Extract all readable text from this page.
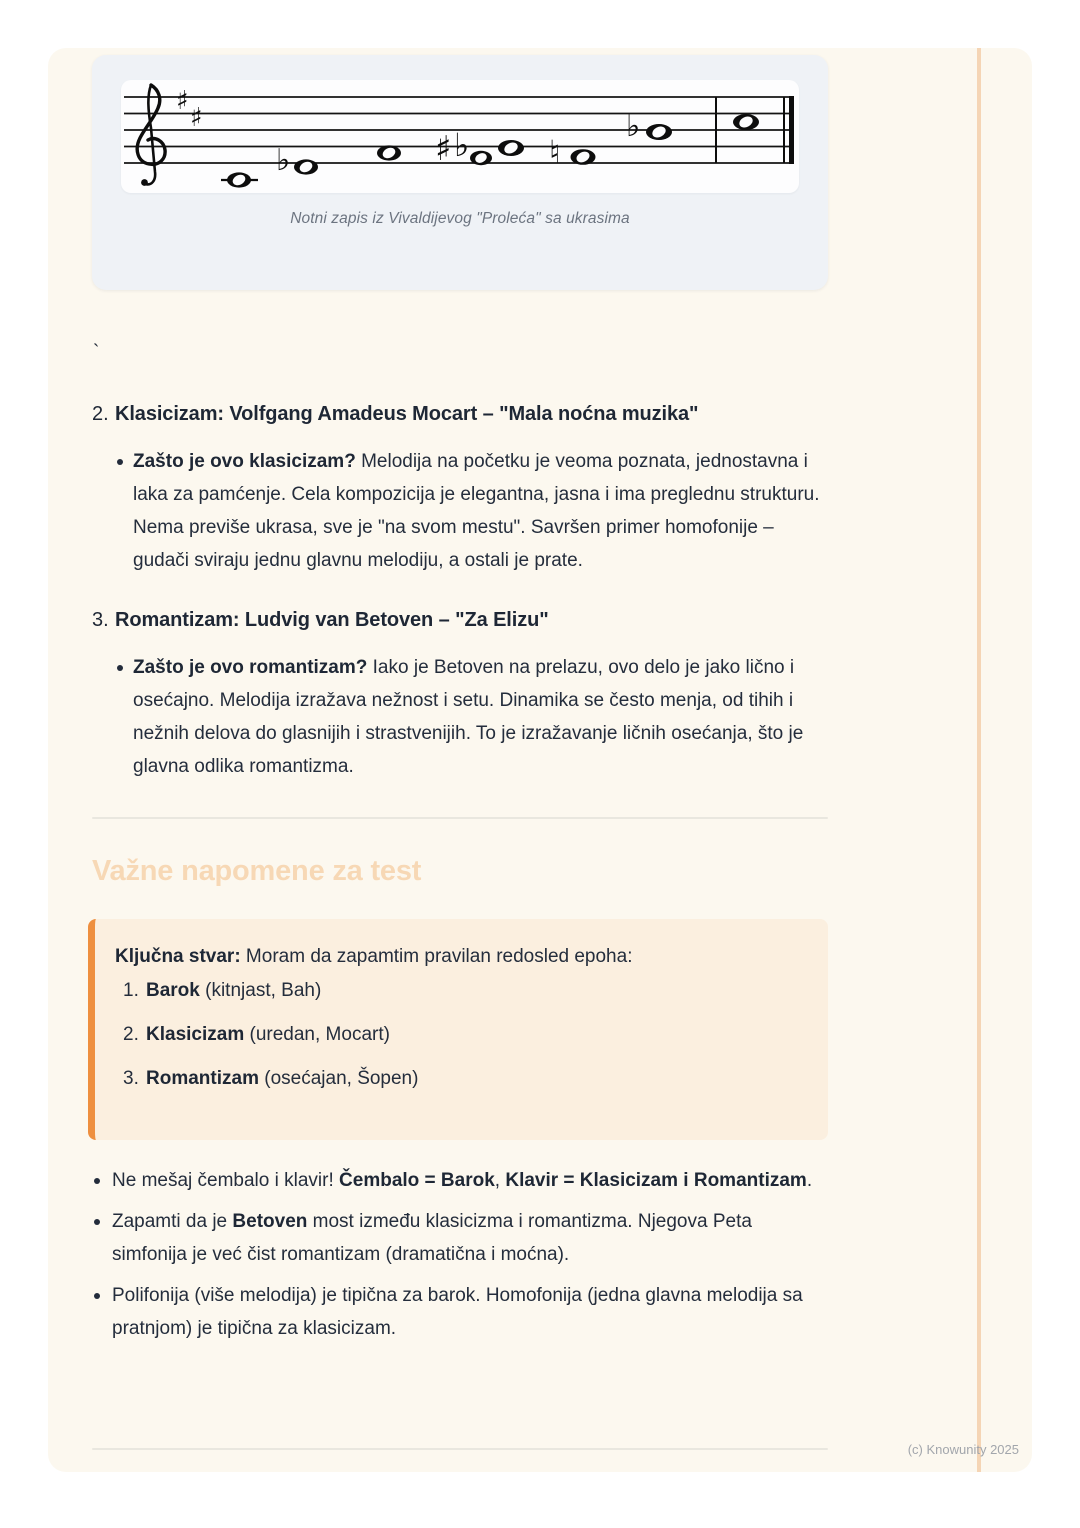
♯
♯
♭	♯ ♭ ♮
♭
Notni zapis iz Vivaldijevog "Proleća" sa ukrasima
`
2. Klasicizam: Volfgang Amadeus Mocart – "Mala noćna muzika"
Zašto je ovo klasicizam? Melodija na početku je veoma poznata, jednostavna i laka za pamćenje. Cela kompozicija je elegantna, jasna i ima preglednu strukturu. Nema previše ukrasa, sve je "na svom mestu". Savršen primer homofonije – gudači sviraju jednu glavnu melodiju, a ostali je prate.
3. Romantizam: Ludvig van Betoven – "Za Elizu"
Zašto je ovo romantizam? Iako je Betoven na prelazu, ovo delo je jako lično i osećajno. Melodija izražava nežnost i setu. Dinamika se često menja, od tihih i nežnih delova do glasnijih i strastvenijih. To je izražavanje ličnih osećanja, što je glavna odlika romantizma.
Važne napomene za test
Ključna stvar: Moram da zapamtim pravilan redosled epoha:
1. Barok (kitnjast, Bah)
2. Klasicizam (uredan, Mocart)
3. Romantizam (osećajan, Šopen)
Ne mešaj čembalo i klavir! Čembalo = Barok, Klavir = Klasicizam i Romantizam.
Zapamti da je Betoven most između klasicizma i romantizma. Njegova Peta simfonija je već čist romantizam (dramatična i moćna).
Polifonija (više melodija) je tipična za barok. Homofonija (jedna glavna melodija sa pratnjom) je tipična za klasicizam.
(c) Knowunity 2025
